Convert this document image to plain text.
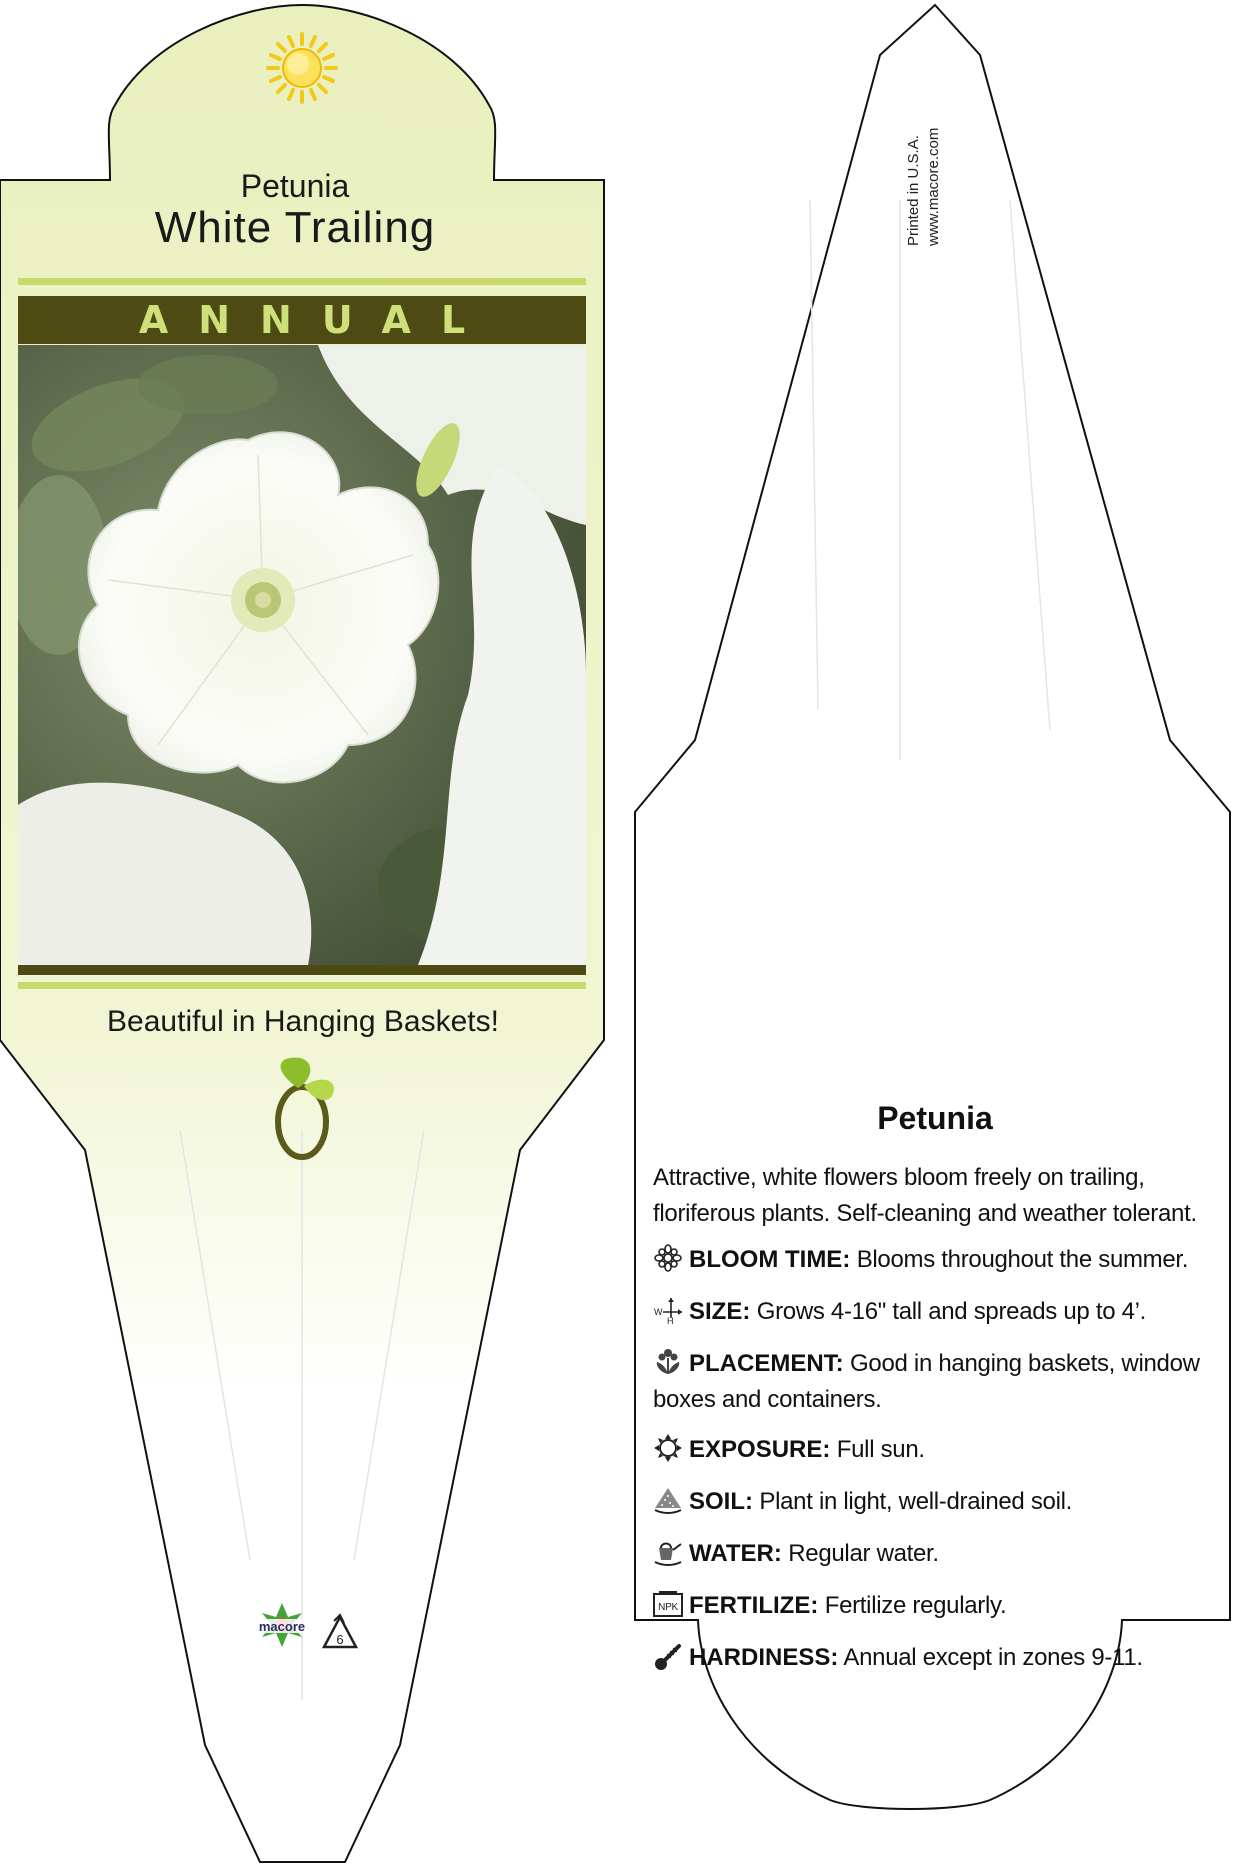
macore
6
Petunia
White Trailing
ANNUAL
Beautiful in Hanging Baskets!
Printed in U.S.A. www.macore.com
Petunia
Attractive, white flowers bloom freely on trailing, floriferous plants. Self-cleaning and weather tolerant.
BLOOM TIME: Blooms throughout the summer.
W
H SIZE: Grows 4-16" tall and spreads up to 4’.
PLACEMENT: Good in hanging baskets, window boxes and containers.
EXPOSURE: Full sun.
SOIL: Plant in light, well-drained soil.
WATER: Regular water.
NPK FERTILIZE: Fertilize regularly.
HARDINESS: Annual except in zones 9-11.
